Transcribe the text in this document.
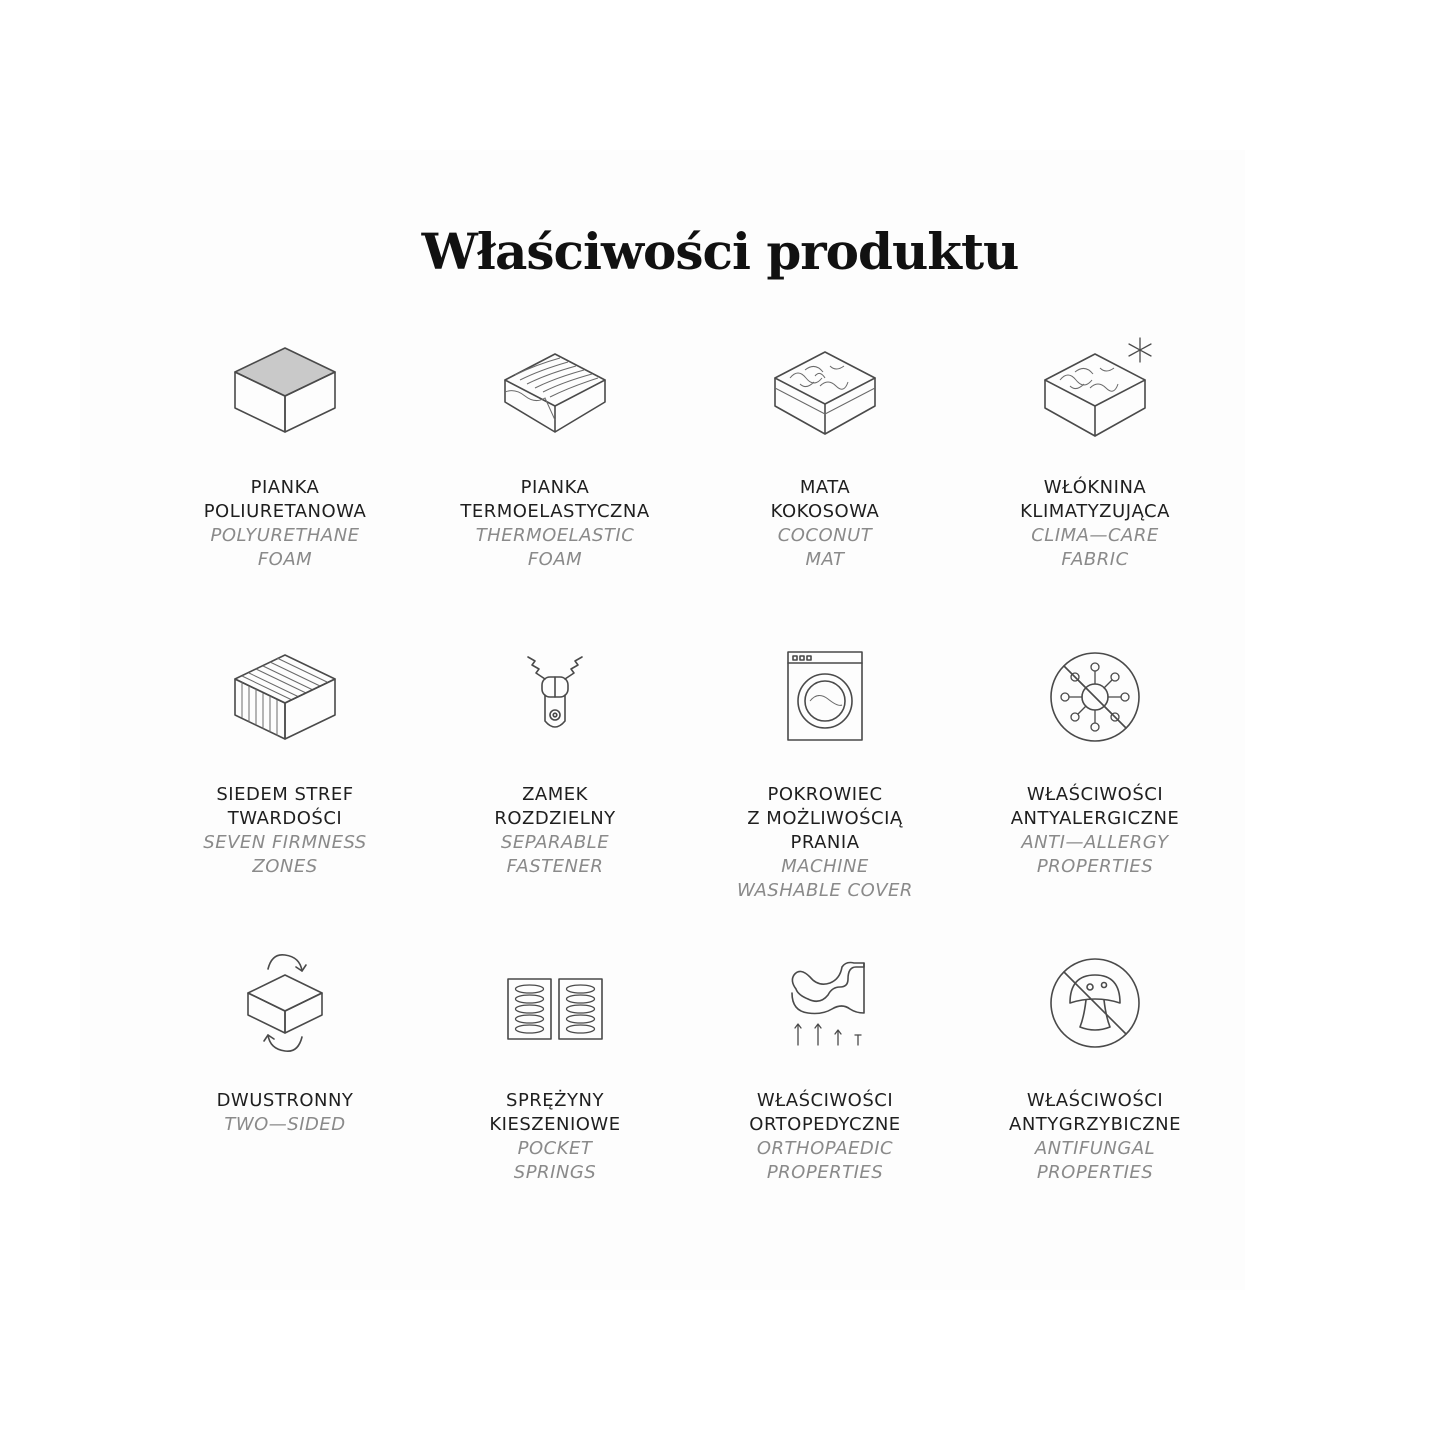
Właściwości produktu
PIANKA
POLIURETANOWA
POLYURETHANE
FOAM
PIANKA
TERMOELASTYCZNA
THERMOELASTIC
FOAM
MATA
KOKOSOWA
COCONUT
MAT
WŁÓKNINA
KLIMATYZUJĄCA
CLIMA—CARE
FABRIC
SIEDEM STREF
TWARDOŚCI
SEVEN FIRMNESS
ZONES
ZAMEK
ROZDZIELNY
SEPARABLE
FASTENER
POKROWIEC
Z MOŻLIWOŚCIĄ
PRANIA
MACHINE
WASHABLE COVER
WŁAŚCIWOŚCI
ANTYALERGICZNE
ANTI—ALLERGY
PROPERTIES
DWUSTRONNY
TWO—SIDED
SPRĘŻYNY
KIESZENIOWE
POCKET
SPRINGS
WŁAŚCIWOŚCI
ORTOPEDYCZNE
ORTHOPAEDIC
PROPERTIES
WŁAŚCIWOŚCI
ANTYGRZYBICZNE
ANTIFUNGAL
PROPERTIES
